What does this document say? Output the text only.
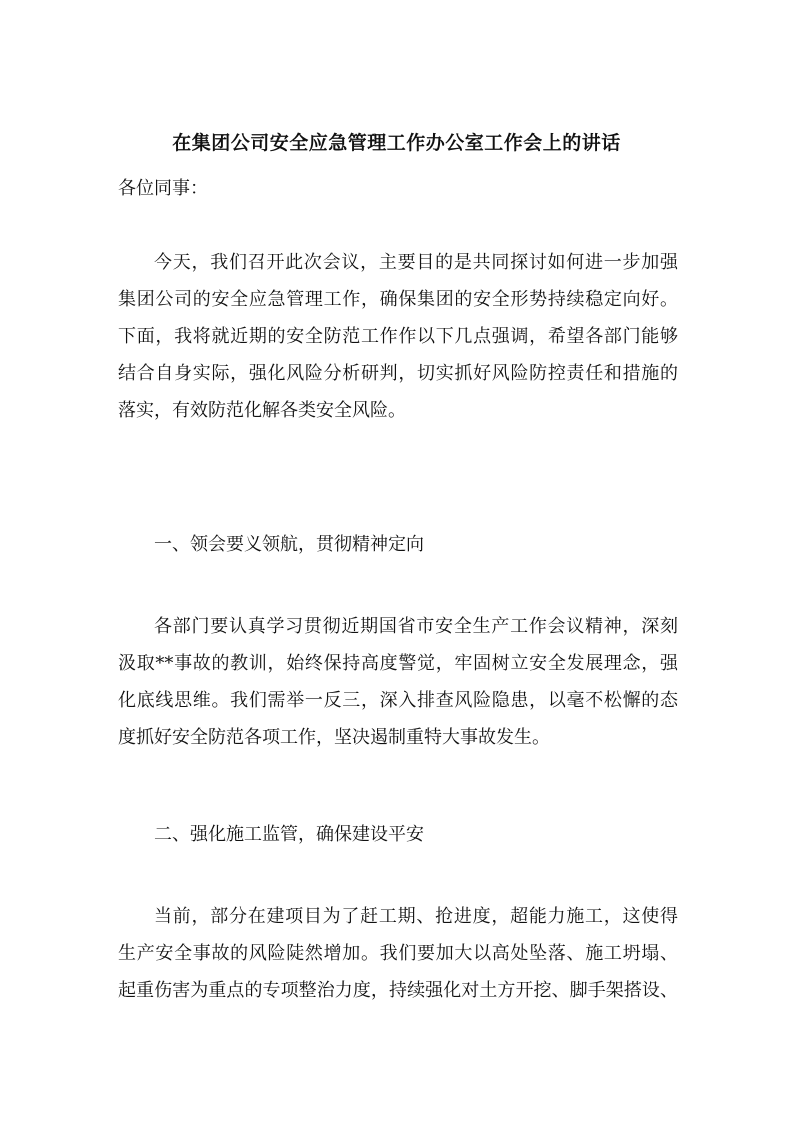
在集团公司安全应急管理工作办公室工作会上的讲话

各位同事：

今天，我们召开此次会议，主要目的是共同探讨如何进一步加强
集团公司的安全应急管理工作，确保集团的安全形势持续稳定向好。
下面，我将就近期的安全防范工作作以下几点强调，希望各部门能够
结合自身实际，强化风险分析研判，切实抓好风险防控责任和措施的
落实，有效防范化解各类安全风险。

一、领会要义领航，贯彻精神定向

各部门要认真学习贯彻近期国省市安全生产工作会议精神，深刻
汲取**事故的教训，始终保持高度警觉，牢固树立安全发展理念，强
化底线思维。我们需举一反三，深入排查风险隐患，以毫不松懈的态
度抓好安全防范各项工作，坚决遏制重特大事故发生。

二、强化施工监管，确保建设平安

当前，部分在建项目为了赶工期、抢进度，超能力施工，这使得
生产安全事故的风险陡然增加。我们要加大以高处坠落、施工坍塌、
起重伤害为重点的专项整治力度，持续强化对土方开挖、脚手架搭设、
